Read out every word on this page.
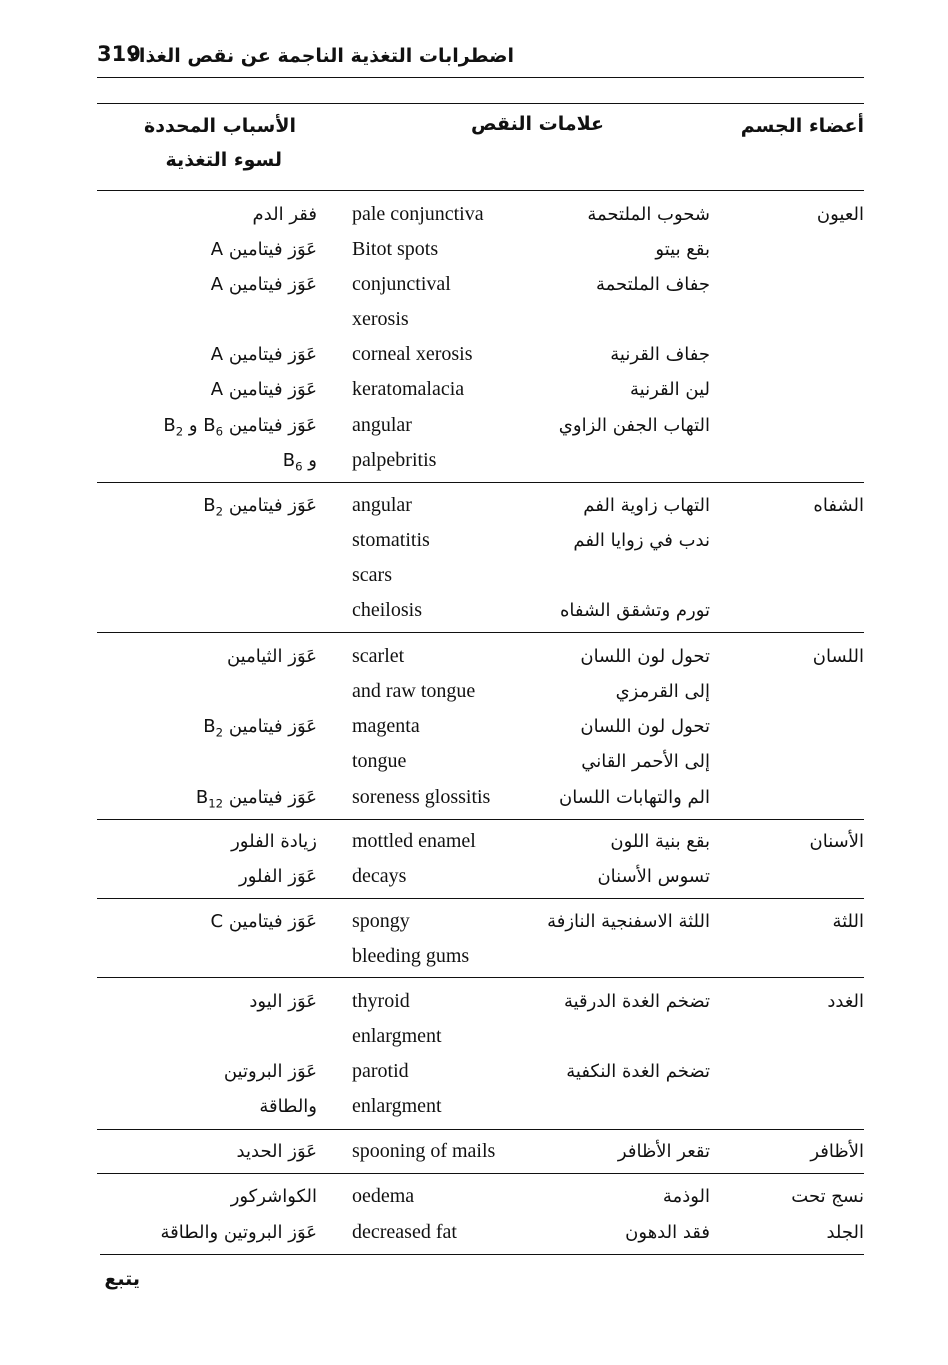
319
اضطرابات التغذية الناجمة عن نقص الغذاء
أعضاء الجسم
علامات النقص
الأسباب المحددة
لسوء التغذية
العيون
شحوب الملتحمة
pale conjunctiva
فقر الدم
بقع بيتو
Bitot spots
عَوَز فيتامين A
جفاف الملتحمة
conjunctival
عَوَز فيتامين A
xerosis
جفاف القرنية
corneal xerosis
عَوَز فيتامين A
لين القرنية
keratomalacia
عَوَز فيتامين A
التهاب الجفن الزاوي
angular
عَوَز فيتامين $B_6$ و $B_2$
palpebritis
و $B_6$
الشفاه
التهاب زاوية الفم
angular
عَوَز فيتامين $B_2$
ندب في زوايا الفم
stomatitis
scars
تورم وتشقق الشفاه
cheilosis
اللسان
تحول لون اللسان
scarlet
عَوَز الثيامين
إلى القرمزي
and raw tongue
تحول لون اللسان
magenta
عَوَز فيتامين $B_2$
إلى الأحمر القاني
tongue
الم والتهابات اللسان
soreness glossitis
عَوَز فيتامين $B_{12}$
الأسنان
بقع بنية اللون
mottled enamel
زيادة الفلور
تسوس الأسنان
decays
عَوَز الفلور
اللثة
اللثة الاسفنجية النازفة
spongy
عَوَز فيتامين C
bleeding gums
الغدد
تضخم الغدة الدرقية
thyroid
عَوَز اليود
enlargment
تضخم الغدة النكفية
parotid
عَوَز البروتين
enlargment
والطاقة
الأظافر
تقعر الأظافر
spooning of mails
عَوَز الحديد
نسج تحت
الوذمة
oedema
الكواشركور
فقد الدهون
decreased fat
عَوَز البروتين والطاقة	الجلد
يتبع
